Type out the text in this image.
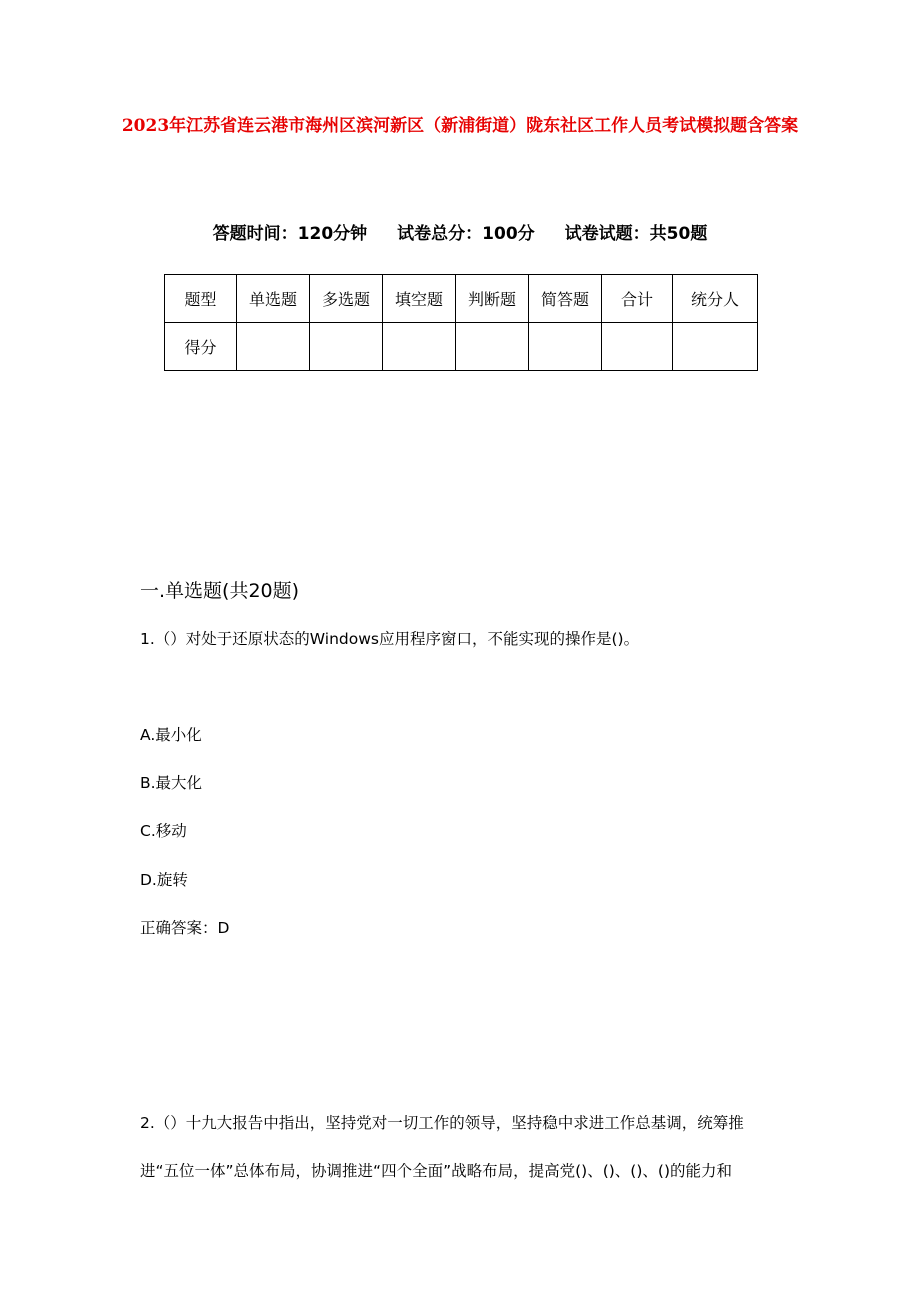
2023年江苏省连云港市海州区滨河新区（新浦街道）陇东社区工作人员考试模拟题含答案
答题时间：120分钟 试卷总分：100分 试卷试题：共50题
题型	单选题	多选题	填空题	判断题	简答题	合计	统分人
得分							
一.单选题(共20题)
1.（）对处于还原状态的Windows应用程序窗口，不能实现的操作是()。
A.最小化
B.最大化
C.移动
D.旋转
正确答案：D
2.（）十九大报告中指出，坚持党对一切工作的领导，坚持稳中求进工作总基调，统筹推进“五位一体”总体布局，协调推进“四个全面”战略布局，提高党()、()、()、()的能力和
